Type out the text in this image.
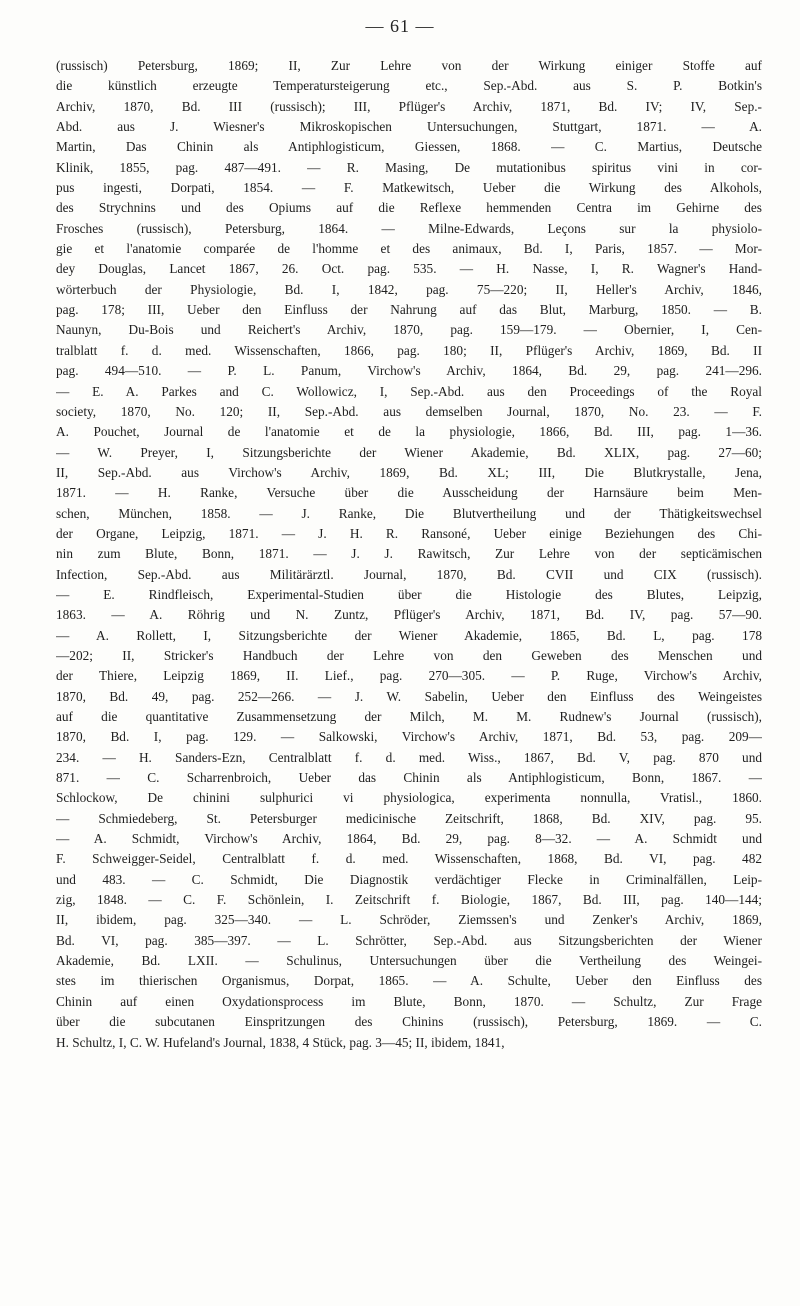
— 61 —
(russisch) Petersburg, 1869; II, Zur Lehre von der Wirkung einiger Stoffe auf
die künstlich erzeugte Temperatursteigerung etc., Sep.-Abd. aus S. P. Botkin's
Archiv, 1870, Bd. III (russisch); III, Pflüger's Archiv, 1871, Bd. IV; IV, Sep.-
Abd. aus J. Wiesner's Mikroskopischen Untersuchungen, Stuttgart, 1871. — A.
Martin, Das Chinin als Antiphlogisticum, Giessen, 1868. — C. Martius, Deutsche
Klinik, 1855, pag. 487—491. — R. Masing, De mutationibus spiritus vini in cor-
pus ingesti, Dorpati, 1854. — F. Matkewitsch, Ueber die Wirkung des Alkohols,
des Strychnins und des Opiums auf die Reflexe hemmenden Centra im Gehirne des
Frosches (russisch), Petersburg, 1864. — Milne-Edwards, Leçons sur la physiolo-
gie et l'anatomie comparée de l'homme et des animaux, Bd. I, Paris, 1857. — Mor-
dey Douglas, Lancet 1867, 26. Oct. pag. 535. — H. Nasse, I, R. Wagner's Hand-
wörterbuch der Physiologie, Bd. I, 1842, pag. 75—220; II, Heller's Archiv, 1846,
pag. 178; III, Ueber den Einfluss der Nahrung auf das Blut, Marburg, 1850. — B.
Naunyn, Du-Bois und Reichert's Archiv, 1870, pag. 159—179. — Obernier, I, Cen-
tralblatt f. d. med. Wissenschaften, 1866, pag. 180; II, Pflüger's Archiv, 1869, Bd. II
pag. 494—510. — P. L. Panum, Virchow's Archiv, 1864, Bd. 29, pag. 241—296.
— E. A. Parkes and C. Wollowicz, I, Sep.-Abd. aus den Proceedings of the Royal
society, 1870, No. 120; II, Sep.-Abd. aus demselben Journal, 1870, No. 23. — F.
A. Pouchet, Journal de l'anatomie et de la physiologie, 1866, Bd. III, pag. 1—36.
— W. Preyer, I, Sitzungsberichte der Wiener Akademie, Bd. XLIX, pag. 27—60;
II, Sep.-Abd. aus Virchow's Archiv, 1869, Bd. XL; III, Die Blutkrystalle, Jena,
1871. — H. Ranke, Versuche über die Ausscheidung der Harnsäure beim Men-
schen, München, 1858. — J. Ranke, Die Blutvertheilung und der Thätigkeitswechsel
der Organe, Leipzig, 1871. — J. H. R. Ransoné, Ueber einige Beziehungen des Chi-
nin zum Blute, Bonn, 1871. — J. J. Rawitsch, Zur Lehre von der septicämischen
Infection, Sep.-Abd. aus Militärärztl. Journal, 1870, Bd. CVII und CIX (russisch).
— E. Rindfleisch, Experimental-Studien über die Histologie des Blutes, Leipzig,
1863. — A. Röhrig und N. Zuntz, Pflüger's Archiv, 1871, Bd. IV, pag. 57—90.
— A. Rollett, I, Sitzungsberichte der Wiener Akademie, 1865, Bd. L, pag. 178
—202; II, Stricker's Handbuch der Lehre von den Geweben des Menschen und
der Thiere, Leipzig 1869, II. Lief., pag. 270—305. — P. Ruge, Virchow's Archiv,
1870, Bd. 49, pag. 252—266. — J. W. Sabelin, Ueber den Einfluss des Weingeistes
auf die quantitative Zusammensetzung der Milch, M. M. Rudnew's Journal (russisch),
1870, Bd. I, pag. 129. — Salkowski, Virchow's Archiv, 1871, Bd. 53, pag. 209—
234. — H. Sanders-Ezn, Centralblatt f. d. med. Wiss., 1867, Bd. V, pag. 870 und
871. — C. Scharrenbroich, Ueber das Chinin als Antiphlogisticum, Bonn, 1867. —
Schlockow, De chinini sulphurici vi physiologica, experimenta nonnulla, Vratisl., 1860.
— Schmiedeberg, St. Petersburger medicinische Zeitschrift, 1868, Bd. XIV, pag. 95.
— A. Schmidt, Virchow's Archiv, 1864, Bd. 29, pag. 8—32. — A. Schmidt und
F. Schweigger-Seidel, Centralblatt f. d. med. Wissenschaften, 1868, Bd. VI, pag. 482
und 483. — C. Schmidt, Die Diagnostik verdächtiger Flecke in Criminalfällen, Leip-
zig, 1848. — C. F. Schönlein, I. Zeitschrift f. Biologie, 1867, Bd. III, pag. 140—144;
II, ibidem, pag. 325—340. — L. Schröder, Ziemssen's und Zenker's Archiv, 1869,
Bd. VI, pag. 385—397. — L. Schrötter, Sep.-Abd. aus Sitzungsberichten der Wiener
Akademie, Bd. LXII. — Schulinus, Untersuchungen über die Vertheilung des Weingei-
stes im thierischen Organismus, Dorpat, 1865. — A. Schulte, Ueber den Einfluss des
Chinin auf einen Oxydationsprocess im Blute, Bonn, 1870. — Schultz, Zur Frage
über die subcutanen Einspritzungen des Chinins (russisch), Petersburg, 1869. — C.
H. Schultz, I, C. W. Hufeland's Journal, 1838, 4 Stück, pag. 3—45; II, ibidem, 1841,
